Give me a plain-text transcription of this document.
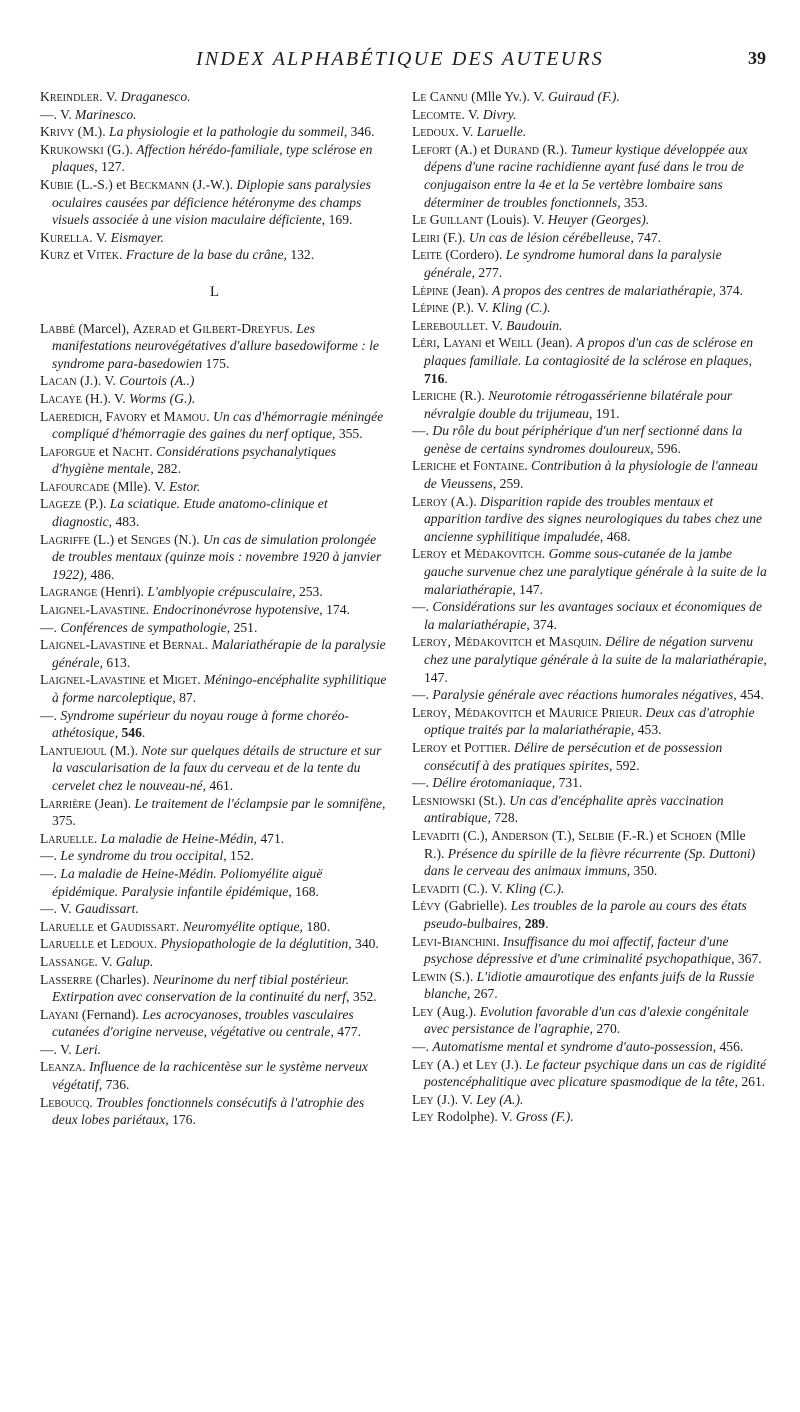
INDEX ALPHABÉTIQUE DES AUTEURS	39

Kreindler. V. Draganesco.

—. V. Marinesco.

Krivy (M.). La physiologie et la pathologie du sommeil, 346.

Krukowski (G.). Affection hérédo-familiale, type sclérose en plaques, 127.

Kubie (L.-S.) et Beckmann (J.-W.). Diplopie sans paralysies oculaires causées par déficience hétéronyme des champs visuels associée à une vision maculaire déficiente, 169.

Kurella. V. Eismayer.

Kurz et Vitek. Fracture de la base du crâne, 132.

L

Labbé (Marcel), Azerad et Gilbert-Dreyfus. Les manifestations neurovégétatives d'allure basedowiforme : le syndrome para-basedowien 175.

Lacan (J.). V. Courtois (A..)

Lacaye (H.). V. Worms (G.).

Laeredich, Favory et Mamou. Un cas d'hémorragie méningée compliqué d'hémorragie des gaines du nerf optique, 355.

Laforgue et Nacht. Considérations psychanalytiques d'hygiène mentale, 282.

Lafourcade (Mlle). V. Estor.

Lageze (P.). La sciatique. Etude anatomo-clinique et diagnostic, 483.

Lagriffe (L.) et Senges (N.). Un cas de simulation prolongée de troubles mentaux (quinze mois : novembre 1920 à janvier 1922), 486.

Lagrange (Henri). L'amblyopie crépusculaire, 253.

Laignel-Lavastine. Endocrinonévrose hypotensive, 174.

—. Conférences de sympathologie, 251.

Laignel-Lavastine et Bernal. Malariathérapie de la paralysie générale, 613.

Laignel-Lavastine et Miget. Méningo-encéphalite syphilitique à forme narcoleptique, 87.

—. Syndrome supérieur du noyau rouge à forme choréo-athétosique, 546.

Lantuejoul (M.). Note sur quelques détails de structure et sur la vascularisation de la faux du cerveau et de la tente du cervelet chez le nouveau-né, 461.

Larrière (Jean). Le traitement de l'éclampsie par le somnifène, 375.

Laruelle. La maladie de Heine-Médin, 471.

—. Le syndrome du trou occipital, 152.

—. La maladie de Heine-Médin. Poliomyélite aiguë épidémique. Paralysie infantile épidémique, 168.

—. V. Gaudissart.

Laruelle et Gaudissart. Neuromyélite optique, 180.

Laruelle et Ledoux. Physiopathologie de la déglutition, 340.

Lassange. V. Galup.

Lasserre (Charles). Neurinome du nerf tibial postérieur. Extirpation avec conservation de la continuité du nerf, 352.

Layani (Fernand). Les acrocyanoses, troubles vasculaires cutanées d'origine nerveuse, végétative ou centrale, 477.

—. V. Leri.

Leanza. Influence de la rachicentèse sur le système nerveux végétatif, 736.

Leboucq. Troubles fonctionnels consécutifs à l'atrophie des deux lobes pariétaux, 176.

Le Cannu (Mlle Yv.). V. Guiraud (F.).

Lecomte. V. Divry.

Ledoux. V. Laruelle.

Lefort (A.) et Durand (R.). Tumeur kystique développée aux dépens d'une racine rachidienne ayant fusé dans le trou de conjugaison entre la 4e et la 5e vertèbre lombaire sans déterminer de troubles fonctionnels, 353.

Le Guillant (Louis). V. Heuyer (Georges).

Leiri (F.). Un cas de lésion cérébelleuse, 747.

Leite (Cordero). Le syndrome humoral dans la paralysie générale, 277.

Lépine (Jean). A propos des centres de malariathérapie, 374.

Lépine (P.). V. Kling (C.).

Lereboullet. V. Baudouin.

Léri, Layani et Weill (Jean). A propos d'un cas de sclérose en plaques familiale. La contagiosité de la sclérose en plaques, 716.

Leriche (R.). Neurotomie rétrogassérienne bilatérale pour névralgie double du trijumeau, 191.

—. Du rôle du bout périphérique d'un nerf sectionné dans la genèse de certains syndromes douloureux, 596.

Leriche et Fontaine. Contribution à la physiologie de l'anneau de Vieussens, 259.

Leroy (A.). Disparition rapide des troubles mentaux et apparition tardive des signes neurologiques du tabes chez une ancienne syphilitique impaludée, 468.

Leroy et Médakovitch. Gomme sous-cutanée de la jambe gauche survenue chez une paralytique générale à la suite de la malariathérapie, 147.

—. Considérations sur les avantages sociaux et économiques de la malariathérapie, 374.

Leroy, Médakovitch et Masquin. Délire de négation survenu chez une paralytique générale à la suite de la malariathérapie, 147.

—. Paralysie générale avec réactions humorales négatives, 454.

Leroy, Médakovitch et Maurice Prieur. Deux cas d'atrophie optique traités par la malariathérapie, 453.

Leroy et Pottier. Délire de persécution et de possession consécutif à des pratiques spirites, 592.

—. Délire érotomaniaque, 731.

Lesniowski (St.). Un cas d'encéphalite après vaccination antirabique, 728.

Levaditi (C.), Anderson (T.), Selbie (F.-R.) et Schoen (Mlle R.). Présence du spirille de la fièvre récurrente (Sp. Duttoni) dans le cerveau des animaux immuns, 350.

Levaditi (C.). V. Kling (C.).

Lévy (Gabrielle). Les troubles de la parole au cours des états pseudo-bulbaires, 289.

Levi-Bianchini. Insuffisance du moi affectif, facteur d'une psychose dépressive et d'une criminalité psychopathique, 367.

Lewin (S.). L'idiotie amaurotique des enfants juifs de la Russie blanche, 267.

Ley (Aug.). Evolution favorable d'un cas d'alexie congénitale avec persistance de l'agraphie, 270.

—. Automatisme mental et syndrome d'auto-possession, 456.

Ley (A.) et Ley (J.). Le facteur psychique dans un cas de rigidité postencéphalitique avec plicature spasmodique de la tête, 261.

Ley (J.). V. Ley (A.).

Ley Rodolphe). V. Gross (F.).
